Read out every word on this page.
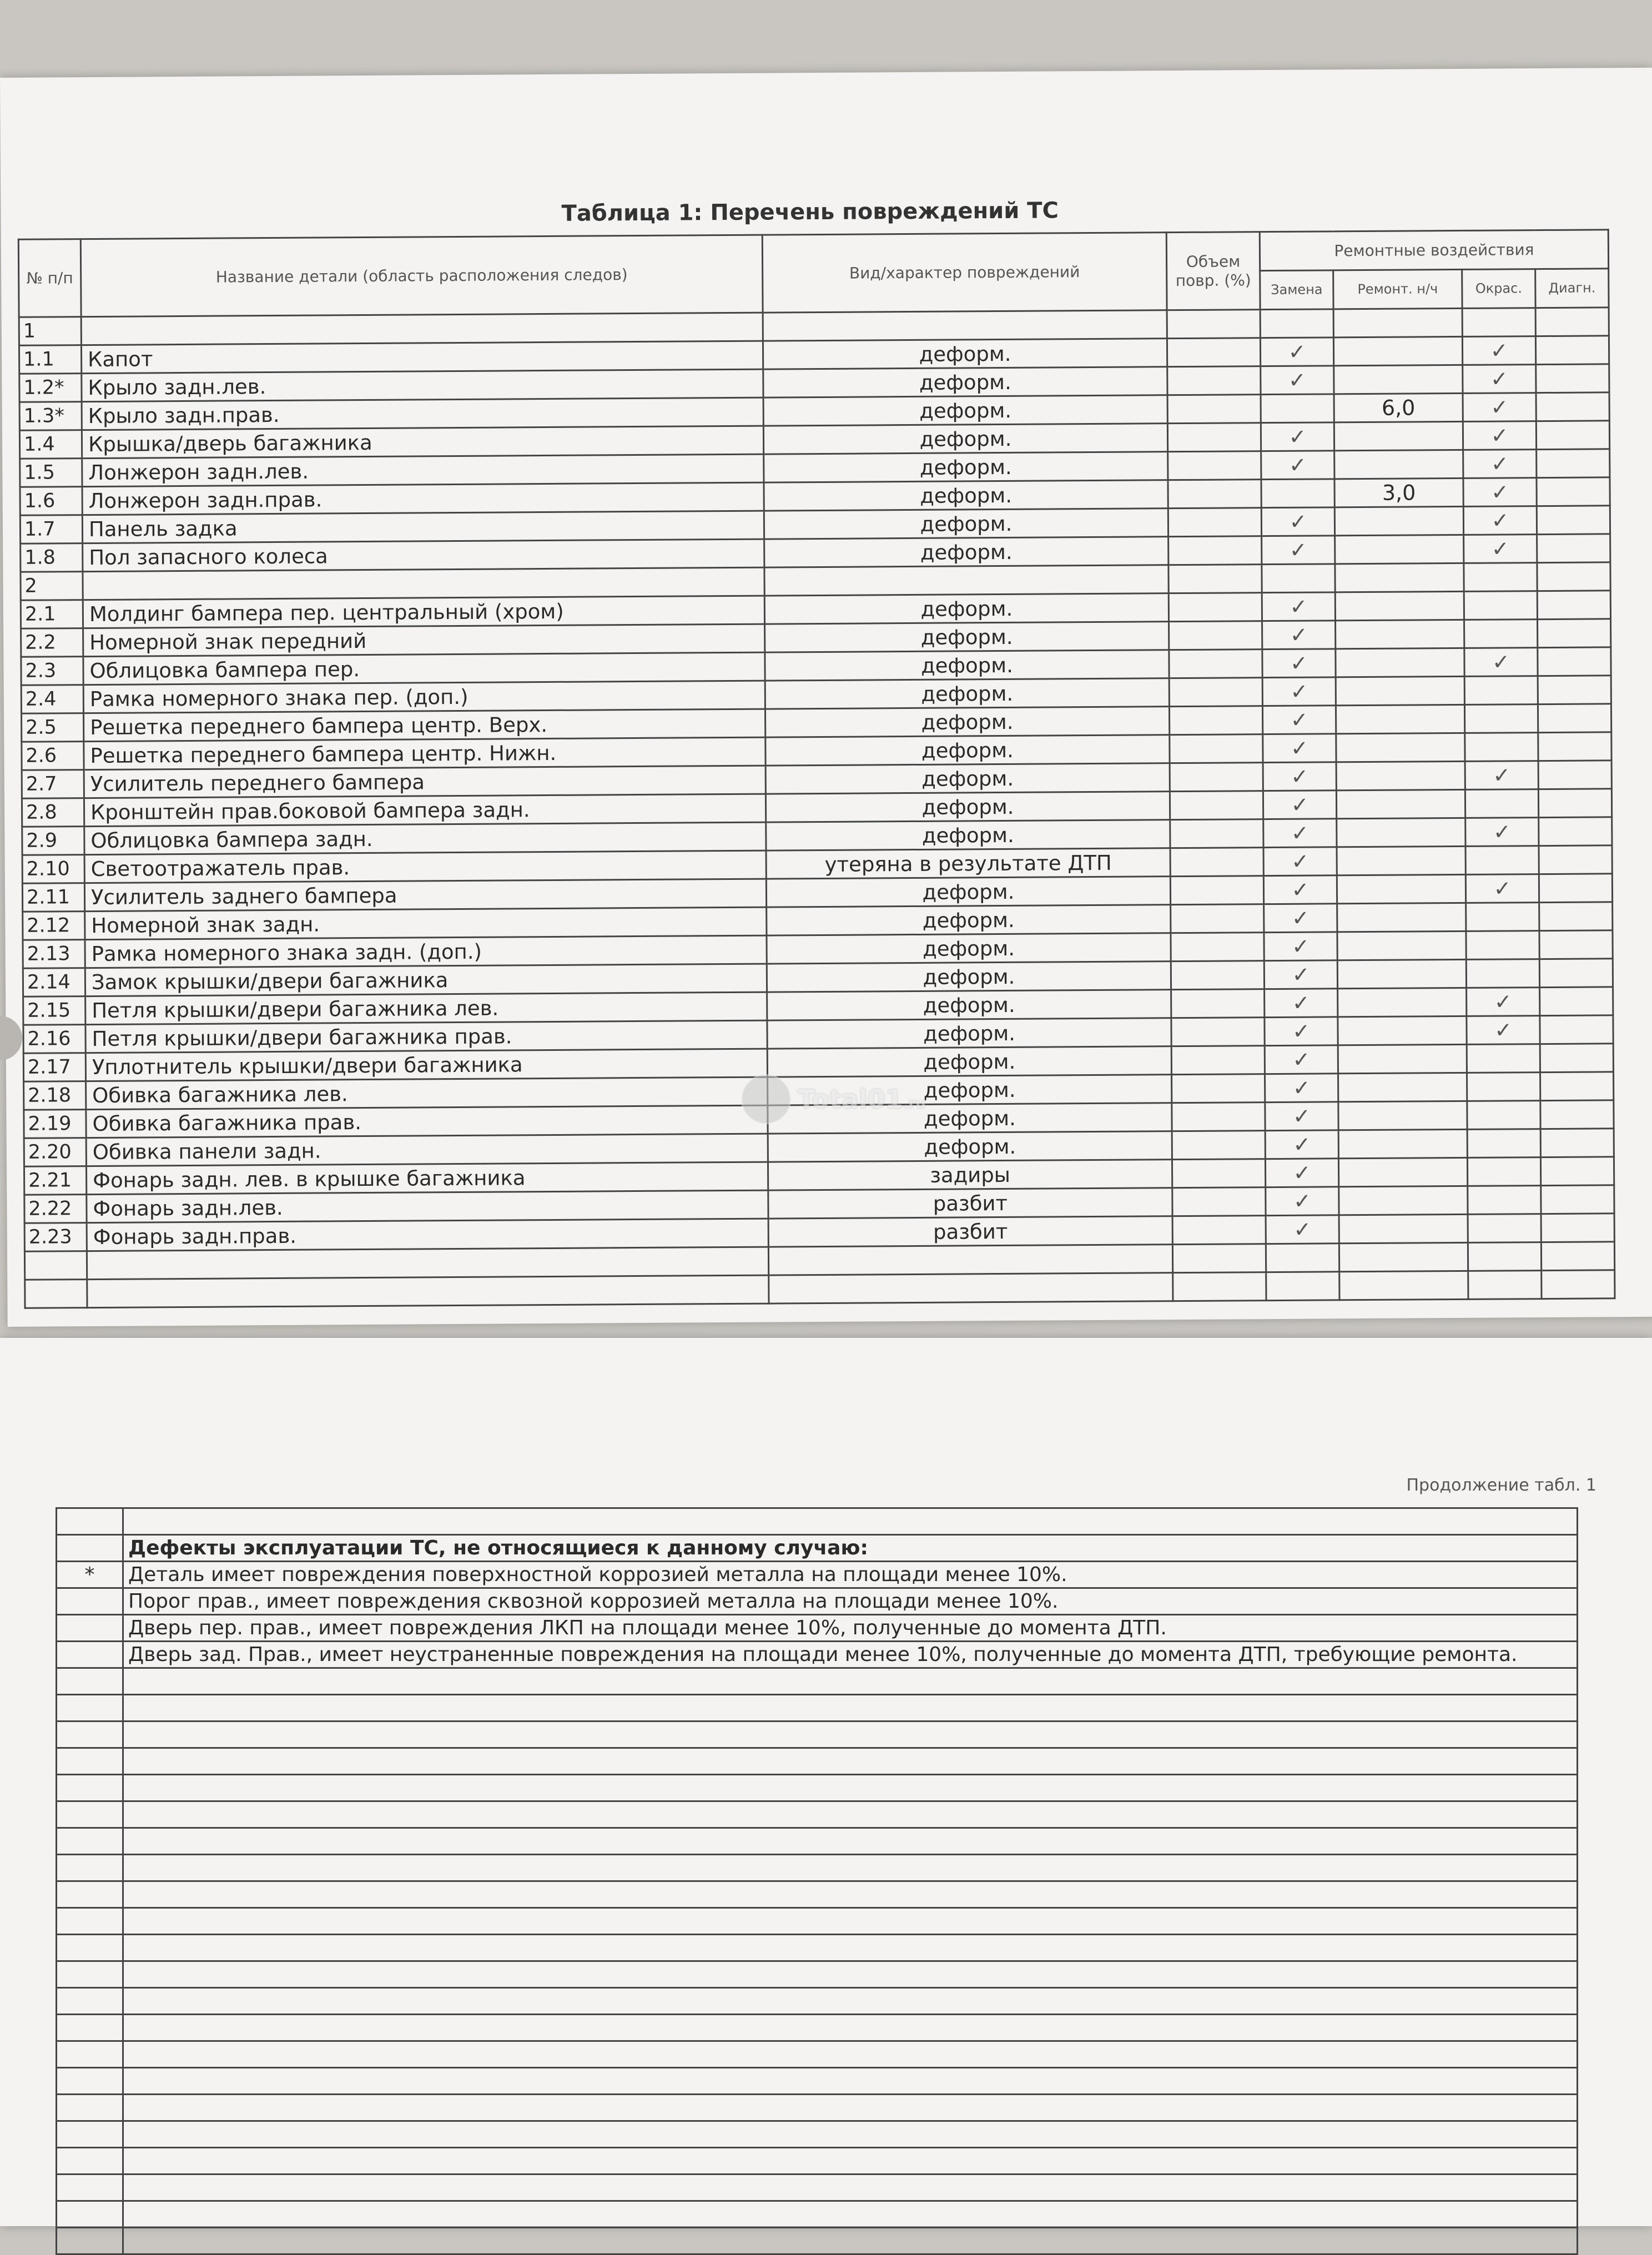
Таблица 1: Перечень повреждений ТС
№ п/п	Название детали (область расположения следов)	Вид/характер повреждений	Объем повр. (%)	Ремонтные воздействия			
				Замена	Ремонт. н/ч	Окрас.	Диагн.
1							
1.1	Капот	деформ.		✓		✓	
1.2*	Крыло задн.лев.	деформ.		✓		✓	
1.3*	Крыло задн.прав.	деформ.			6,0	✓	
1.4	Крышка/дверь багажника	деформ.		✓		✓	
1.5	Лонжерон задн.лев.	деформ.		✓		✓	
1.6	Лонжерон задн.прав.	деформ.			3,0	✓	
1.7	Панель задка	деформ.		✓		✓	
1.8	Пол запасного колеса	деформ.		✓		✓	
2							
2.1	Молдинг бампера пер. центральный (хром)	деформ.		✓			
2.2	Номерной знак передний	деформ.		✓			
2.3	Облицовка бампера пер.	деформ.		✓		✓	
2.4	Рамка номерного знака пер. (доп.)	деформ.		✓			
2.5	Решетка переднего бампера центр. Верх.	деформ.		✓			
2.6	Решетка переднего бампера центр. Нижн.	деформ.		✓			
2.7	Усилитель переднего бампера	деформ.		✓		✓	
2.8	Кронштейн прав.боковой бампера задн.	деформ.		✓			
2.9	Облицовка бампера задн.	деформ.		✓		✓	
2.10	Светоотражатель прав.	утеряна в результате ДТП		✓			
2.11	Усилитель заднего бампера	деформ.		✓		✓	
2.12	Номерной знак задн.	деформ.		✓			
2.13	Рамка номерного знака задн. (доп.)	деформ.		✓			
2.14	Замок крышки/двери багажника	деформ.		✓			
2.15	Петля крышки/двери багажника лев.	деформ.		✓		✓	
2.16	Петля крышки/двери багажника прав.	деформ.		✓		✓	
2.17	Уплотнитель крышки/двери багажника	деформ.		✓			
2.18	Обивка багажника лев.	деформ.		✓			
2.19	Обивка багажника прав.	деформ.		✓			
2.20	Обивка панели задн.	деформ.		✓			
2.21	Фонарь задн. лев. в крышке багажника	задиры		✓			
2.22	Фонарь задн.лев.	разбит		✓			
2.23	Фонарь задн.прав.	разбит		✓			

Total01.ru
Продолжение табл. 1

	Дефекты эксплуатации ТС, не относящиеся к данному случаю:
*	Деталь имеет повреждения поверхностной коррозией металла на площади менее 10%.
	Порог прав., имеет повреждения сквозной коррозией металла на площади менее 10%.
	Дверь пер. прав., имеет повреждения ЛКП на площади менее 10%, полученные до момента ДТП.
	Дверь зад. Прав., имеет неустраненные повреждения на площади менее 10%, полученные до момента ДТП, требующие ремонта.
